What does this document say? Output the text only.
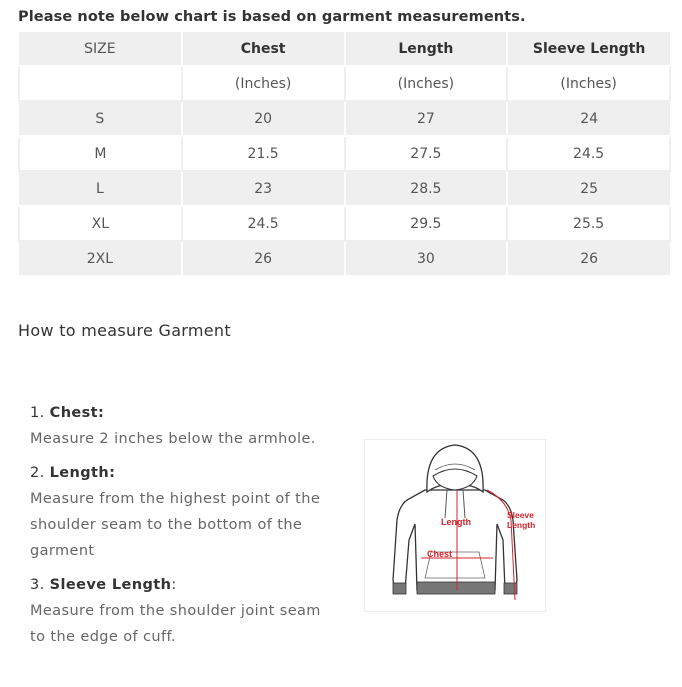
Please note below chart is based on garment measurements.
SIZE	Chest	Length	Sleeve Length
	(Inches)	(Inches)	(Inches)
S	20	27	24
M	21.5	27.5	24.5
L	23	28.5	25
XL	24.5	29.5	25.5
2XL	26	30	26
How to measure Garment
1. Chest:
Measure 2 inches below the armhole.
2. Length:
Measure from the highest point of the
shoulder seam to the bottom of the
garment
3. Sleeve Length:
Measure from the shoulder joint seam
to the edge of cuff.
Length
Chest
Sleeve
Length
